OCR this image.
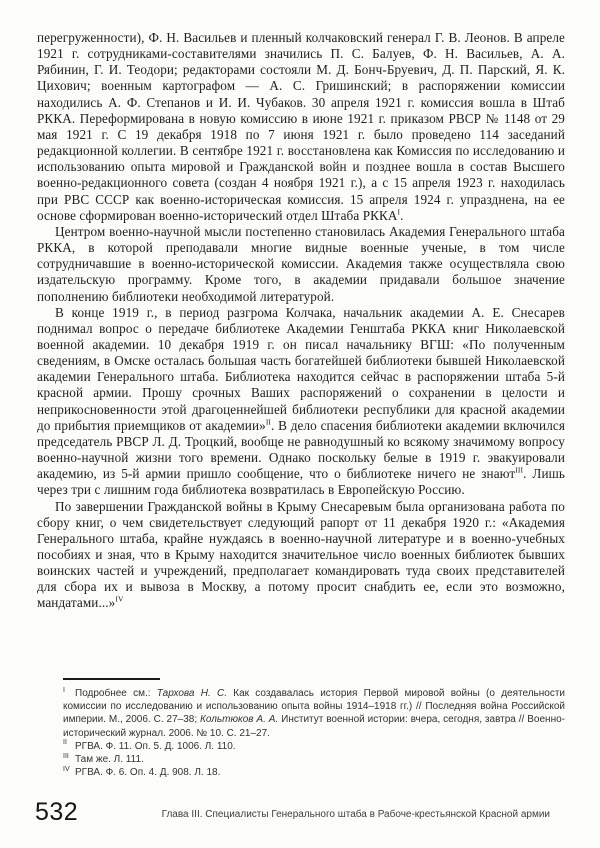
перегруженности), Ф. Н. Васильев и пленный колчаковский генерал Г. В. Леонов. В апреле 1921 г. сотрудниками-составителями значились П. С. Балуев, Ф. Н. Васильев, А. А. Рябинин, Г. И. Теодори; редакторами состояли М. Д. Бонч-Бруевич, Д. П. Парский, Я. К. Цихович; военным картографом — А. С. Гришинский; в распоряжении комиссии находились А. Ф. Степанов и И. И. Чубаков. 30 апреля 1921 г. комиссия вошла в Штаб РККА. Переформирована в новую комиссию в июне 1921 г. приказом РВСР № 1148 от 29 мая 1921 г. С 19 декабря 1918 по 7 июня 1921 г. было проведено 114 заседаний редакционной коллегии. В сентябре 1921 г. восстановлена как Комиссия по исследованию и использованию опыта мировой и Гражданской войн и позднее вошла в состав Высшего военно-редакционного совета (создан 4 ноября 1921 г.), а с 15 апреля 1923 г. находилась при РВС СССР как военно-историческая комиссия. 15 апреля 1924 г. упразднена, на ее основе сформирован военно-исторический отдел Штаба $РККА^I$.

Центром военно-научной мысли постепенно становилась Академия Генерального штаба РККА, в которой преподавали многие видные военные ученые, в том числе сотрудничавшие в военно-исторической комиссии. Академия также осуществляла свою издательскую программу. Кроме того, в академии придавали большое значение пополнению библиотеки необходимой литературой.

В конце 1919 г., в период разгрома Колчака, начальник академии А. Е. Снесарев поднимал вопрос о передаче библиотеке Академии Генштаба РККА книг Николаевской военной академии. 10 декабря 1919 г. он писал начальнику ВГШ: «По полученным сведениям, в Омске осталась большая часть богатейшей библиотеки бывшей Николаевской академии Генерального штаба. Библиотека находится сейчас в распоряжении штаба 5-й красной армии. Прошу срочных Ваших распоряжений о сохранении в целости и неприкосновенности этой драгоценнейшей библиотеки республики для красной академии до прибытия приемщиков от академии»$^{II}$. В дело спасения библиотеки академии включился председатель РВСР Л. Д. Троцкий, вообще не равнодушный ко всякому значимому вопросу военно-научной жизни того времени. Однако поскольку белые в 1919 г. эвакуировали академию, из 5-й армии пришло сообщение, что о библиотеке ничего не знают$^{III}$. Лишь через три с лишним года библиотека возвратилась в Европейскую Россию.

По завершении Гражданской войны в Крыму Снесаревым была организована работа по сбору книг, о чем свидетельствует следующий рапорт от 11 декабря 1920 г.: «Академия Генерального штаба, крайне нуждаясь в военно-научной литературе и в военно-учебных пособиях и зная, что в Крыму находится значительное число военных библиотек бывших воинских частей и учреждений, предполагает командировать туда своих представителей для сбора их и вывоза в Москву, а потому просит снабдить ее, если это возможно, мандатами...»$^{IV}$

$^I$ Подробнее см.: Тархова Н. С. Как создавалась история Первой мировой войны (о деятельности комиссии по исследованию и использованию опыта войны 1914–1918 гг.) // Последняя война Российской империи. М., 2006. С. 27–38; Кольтюков А. А. Институт военной истории: вчера, сегодня, завтра // Военно-исторический журнал. 2006. № 10. С. 21–27.
$^{II}$ РГВА. Ф. 11. Оп. 5. Д. 1006. Л. 110.
$^{III}$ Там же. Л. 111.
$^{IV}$ РГВА. Ф. 6. Оп. 4. Д. 908. Л. 18.
532	Глава III. Специалисты Генерального штаба в Рабоче-крестьянской Красной армии
